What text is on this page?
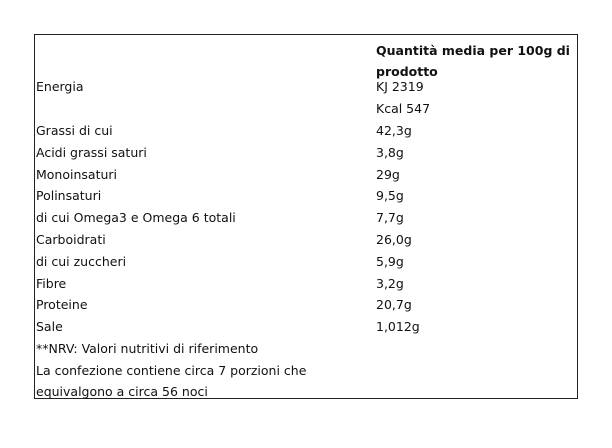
Quantità media per 100g di prodotto
Energia	KJ 2319
Kcal 547
Grassi di cui	42,3g
Acidi grassi saturi	3,8g
Monoinsaturi	29g
Polinsaturi	9,5g
di cui Omega3 e Omega 6 totali	7,7g
Carboidrati	26,0g
di cui zuccheri	5,9g
Fibre	3,2g
Proteine	20,7g
Sale	1,012g
**NRV: Valori nutritivi di riferimento
La confezione contiene circa 7 porzioni che equivalgono a circa 56 noci
